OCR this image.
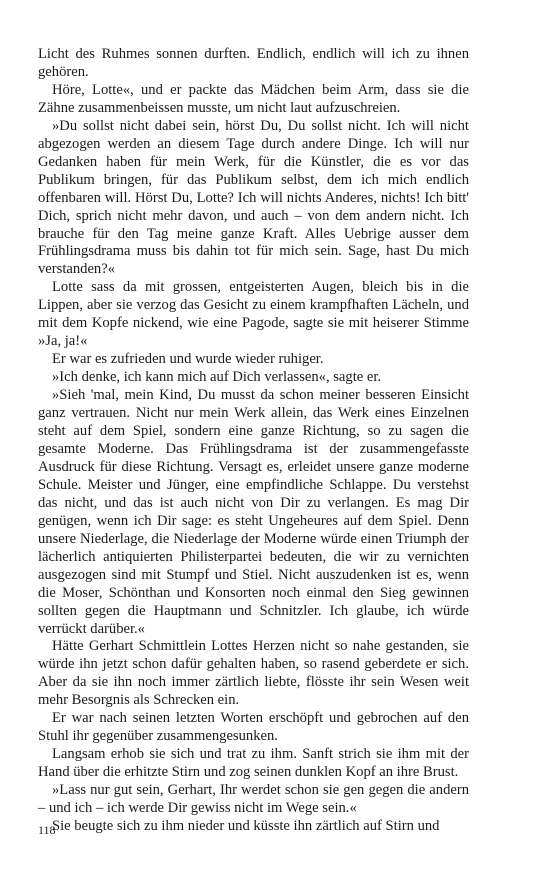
Licht des Ruhmes sonnen durften. Endlich, endlich will ich zu ihnen gehören.

Höre, Lotte«, und er packte das Mädchen beim Arm, dass sie die Zähne zusammenbeissen musste, um nicht laut aufzuschreien.

»Du sollst nicht dabei sein, hörst Du, Du sollst nicht. Ich will nicht abgezogen werden an diesem Tage durch andere Dinge. Ich will nur Gedanken haben für mein Werk, für die Künstler, die es vor das Publikum bringen, für das Publikum selbst, dem ich mich endlich offenbaren will. Hörst Du, Lotte? Ich will nichts Anderes, nichts! Ich bitt' Dich, sprich nicht mehr davon, und auch – von dem andern nicht. Ich brauche für den Tag meine ganze Kraft. Alles Uebrige ausser dem Frühlingsdrama muss bis dahin tot für mich sein. Sage, hast Du mich verstanden?«

Lotte sass da mit grossen, entgeisterten Augen, bleich bis in die Lippen, aber sie verzog das Gesicht zu einem krampfhaften Lächeln, und mit dem Kopfe nickend, wie eine Pagode, sagte sie mit heiserer Stimme »Ja, ja!«

Er war es zufrieden und wurde wieder ruhiger.

»Ich denke, ich kann mich auf Dich verlassen«, sagte er.

»Sieh 'mal, mein Kind, Du musst da schon meiner besseren Einsicht ganz vertrauen. Nicht nur mein Werk allein, das Werk eines Einzelnen steht auf dem Spiel, sondern eine ganze Richtung, so zu sagen die gesamte Moderne. Das Frühlingsdrama ist der zusammengefasste Ausdruck für diese Richtung. Versagt es, erleidet unsere ganze moderne Schule. Meister und Jünger, eine empfindliche Schlappe. Du verstehst das nicht, und das ist auch nicht von Dir zu verlangen. Es mag Dir genügen, wenn ich Dir sage: es steht Ungeheures auf dem Spiel. Denn unsere Niederlage, die Niederlage der Moderne würde einen Triumph der lächerlich antiquierten Philisterpartei bedeuten, die wir zu vernichten ausgezogen sind mit Stumpf und Stiel. Nicht auszudenken ist es, wenn die Moser, Schönthan und Konsorten noch einmal den Sieg gewinnen sollten gegen die Hauptmann und Schnitzler. Ich glaube, ich würde verrückt darüber.«

Hätte Gerhart Schmittlein Lottes Herzen nicht so nahe gestanden, sie würde ihn jetzt schon dafür gehalten haben, so rasend geberdete er sich. Aber da sie ihn noch immer zärtlich liebte, flösste ihr sein Wesen weit mehr Besorgnis als Schrecken ein.

Er war nach seinen letzten Worten erschöpft und gebrochen auf den Stuhl ihr gegenüber zusammengesunken.

Langsam erhob sie sich und trat zu ihm. Sanft strich sie ihm mit der Hand über die erhitzte Stirn und zog seinen dunklen Kopf an ihre Brust.

»Lass nur gut sein, Gerhart, Ihr werdet schon sie gen gegen die andern – und ich – ich werde Dir gewiss nicht im Wege sein.«

Sie beugte sich zu ihm nieder und küsste ihn zärtlich auf Stirn und

118
